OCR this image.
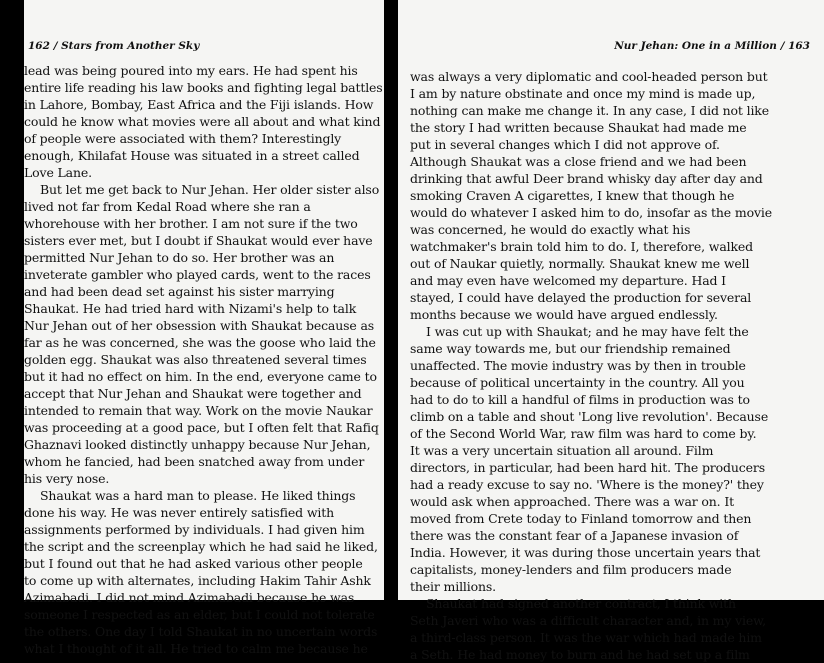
162 / Stars from Another Sky
lead was being poured into my ears. He had spent his
entire life reading his law books and fighting legal battles
in Lahore, Bombay, East Africa and the Fiji islands. How
could he know what movies were all about and what kind
of people were associated with them? Interestingly
enough, Khilafat House was situated in a street called
Love Lane.
But let me get back to Nur Jehan. Her older sister also
lived not far from Kedal Road where she ran a
whorehouse with her brother. I am not sure if the two
sisters ever met, but I doubt if Shaukat would ever have
permitted Nur Jehan to do so. Her brother was an
inveterate gambler who played cards, went to the races
and had been dead set against his sister marrying
Shaukat. He had tried hard with Nizami's help to talk
Nur Jehan out of her obsession with Shaukat because as
far as he was concerned, she was the goose who laid the
golden egg. Shaukat was also threatened several times
but it had no effect on him. In the end, everyone came to
accept that Nur Jehan and Shaukat were together and
intended to remain that way. Work on the movie Naukar
was proceeding at a good pace, but I often felt that Rafiq
Ghaznavi looked distinctly unhappy because Nur Jehan,
whom he fancied, had been snatched away from under
his very nose.
Shaukat was a hard man to please. He liked things
done his way. He was never entirely satisfied with
assignments performed by individuals. I had given him
the script and the screenplay which he had said he liked,
but I found out that he had asked various other people
to come up with alternates, including Hakim Tahir Ashk
Azimabadi. I did not mind Azimabadi because he was
someone I respected as an elder, but I could not tolerate
the others. One day I told Shaukat in no uncertain words
what I thought of it all. He tried to calm me because he
Nur Jehan: One in a Million / 163
was always a very diplomatic and cool-headed person but
I am by nature obstinate and once my mind is made up,
nothing can make me change it. In any case, I did not like
the story I had written because Shaukat had made me
put in several changes which I did not approve of.
Although Shaukat was a close friend and we had been
drinking that awful Deer brand whisky day after day and
smoking Craven A cigarettes, I knew that though he
would do whatever I asked him to do, insofar as the movie
was concerned, he would do exactly what his
watchmaker's brain told him to do. I, therefore, walked
out of Naukar quietly, normally. Shaukat knew me well
and may even have welcomed my departure. Had I
stayed, I could have delayed the production for several
months because we would have argued endlessly.
I was cut up with Shaukat; and he may have felt the
same way towards me, but our friendship remained
unaffected. The movie industry was by then in trouble
because of political uncertainty in the country. All you
had to do to kill a handful of films in production was to
climb on a table and shout 'Long live revolution'. Because
of the Second World War, raw film was hard to come by.
It was a very uncertain situation all around. Film
directors, in particular, had been hard hit. The producers
had a ready excuse to say no. 'Where is the money?' they
would ask when approached. There was a war on. It
moved from Crete today to Finland tomorrow and then
there was the constant fear of a Japanese invasion of
India. However, it was during those uncertain years that
capitalists, money-lenders and film producers made
their millions.
Shaukat had signed another contract, I think with
Seth Javeri who was a difficult character and, in my view,
a third-class person. It was the war which had made him
a Seth. He had money to burn and he had set up a film
